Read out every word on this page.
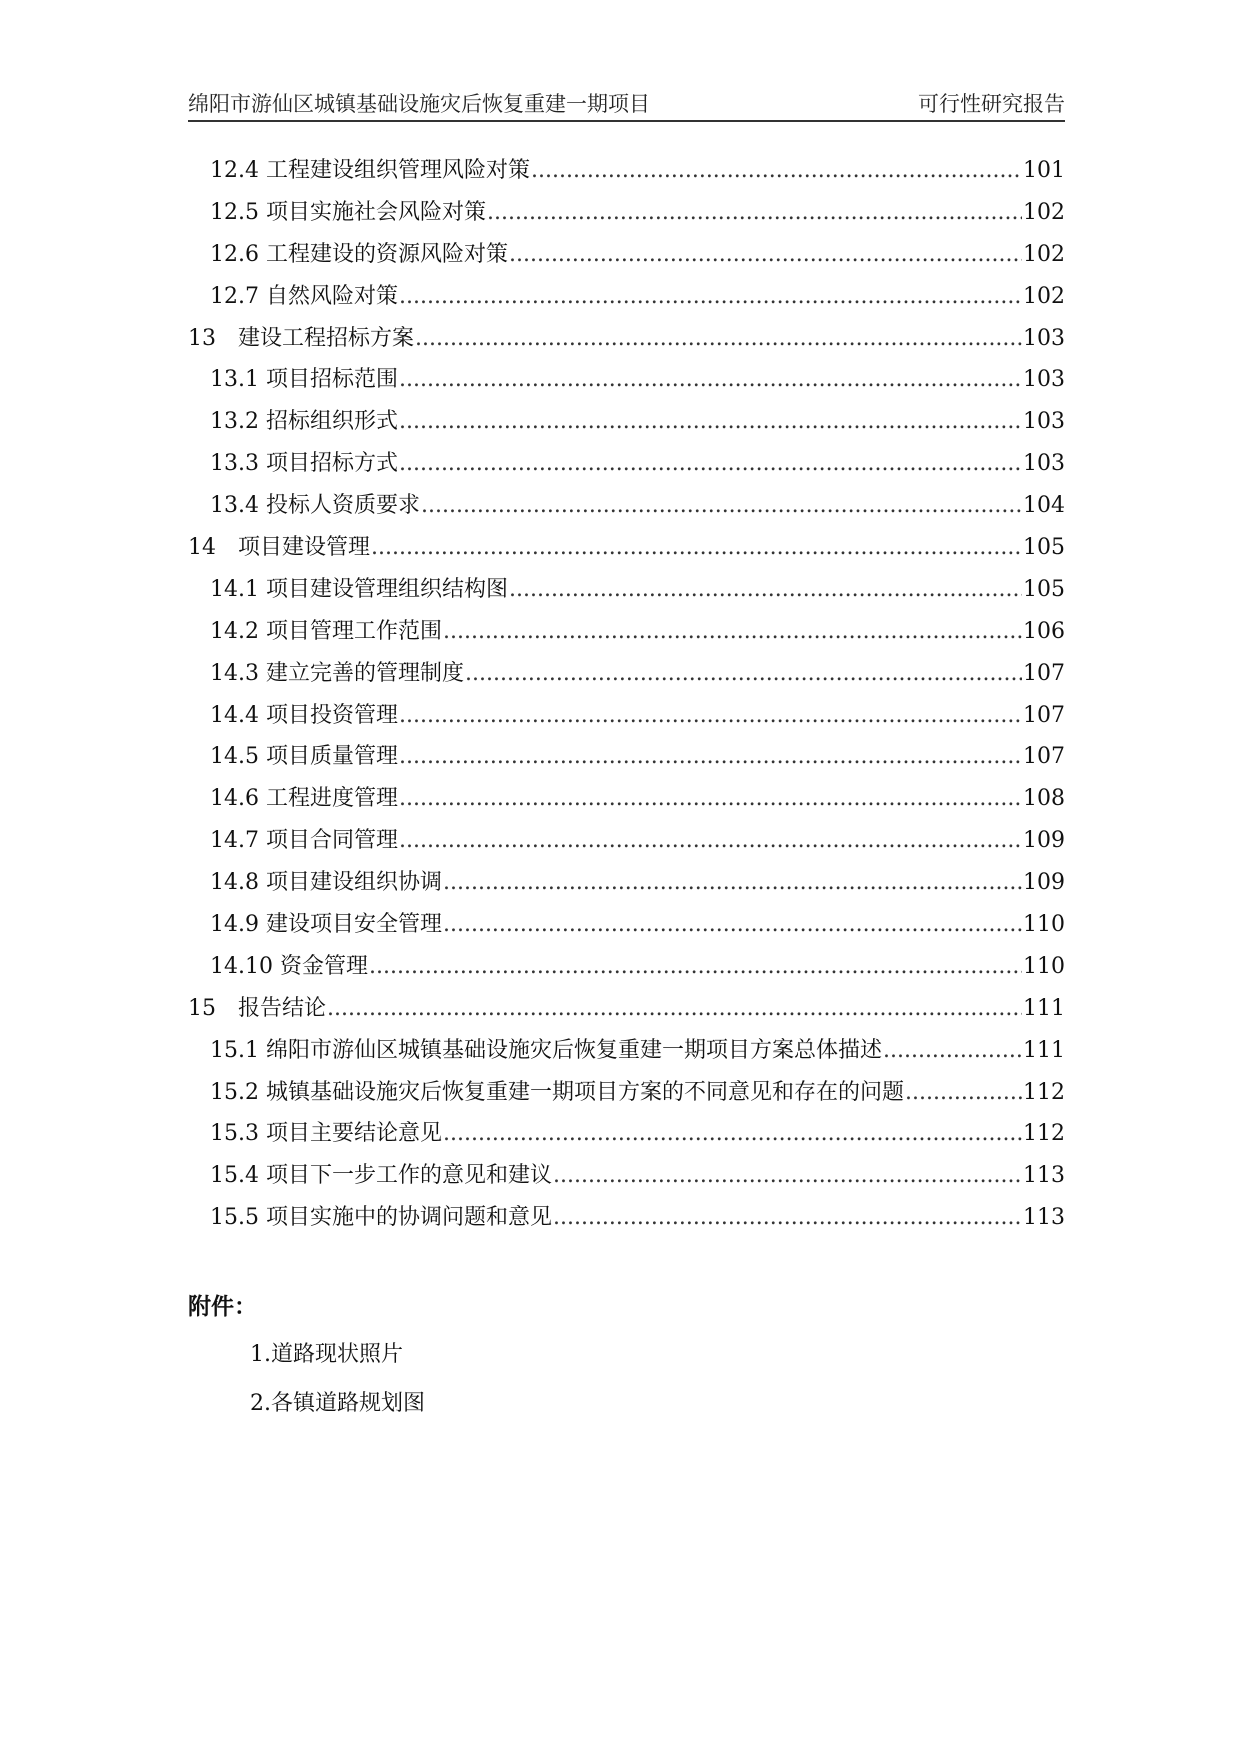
绵阳市游仙区城镇基础设施灾后恢复重建一期项目	可行性研究报告
12.4 工程建设组织管理风险对策 .....	101
12.5 项目实施社会风险对策 .....	102
12.6 工程建设的资源风险对策 .....	102
12.7 自然风险对策 .....	102
13　建设工程招标方案 .....	103
13.1 项目招标范围 .....	103
13.2 招标组织形式 .....	103
13.3 项目招标方式 .....	103
13.4 投标人资质要求 .....	104
14　项目建设管理 .....	105
14.1 项目建设管理组织结构图 .....	105
14.2 项目管理工作范围 .....	106
14.3 建立完善的管理制度 .....	107
14.4 项目投资管理 .....	107
14.5 项目质量管理 .....	107
14.6 工程进度管理 .....	108
14.7 项目合同管理 .....	109
14.8 项目建设组织协调 .....	109
14.9 建设项目安全管理 .....	110
14.10 资金管理 .....	110
15　报告结论 .....	111
15.1 绵阳市游仙区城镇基础设施灾后恢复重建一期项目方案总体描述 .....	111
15.2 城镇基础设施灾后恢复重建一期项目方案的不同意见和存在的问题 .....	112
15.3 项目主要结论意见 .....	112
15.4 项目下一步工作的意见和建议 .....	113
15.5 项目实施中的协调问题和意见 .....	113
附件：
1.道路现状照片
2.各镇道路规划图
